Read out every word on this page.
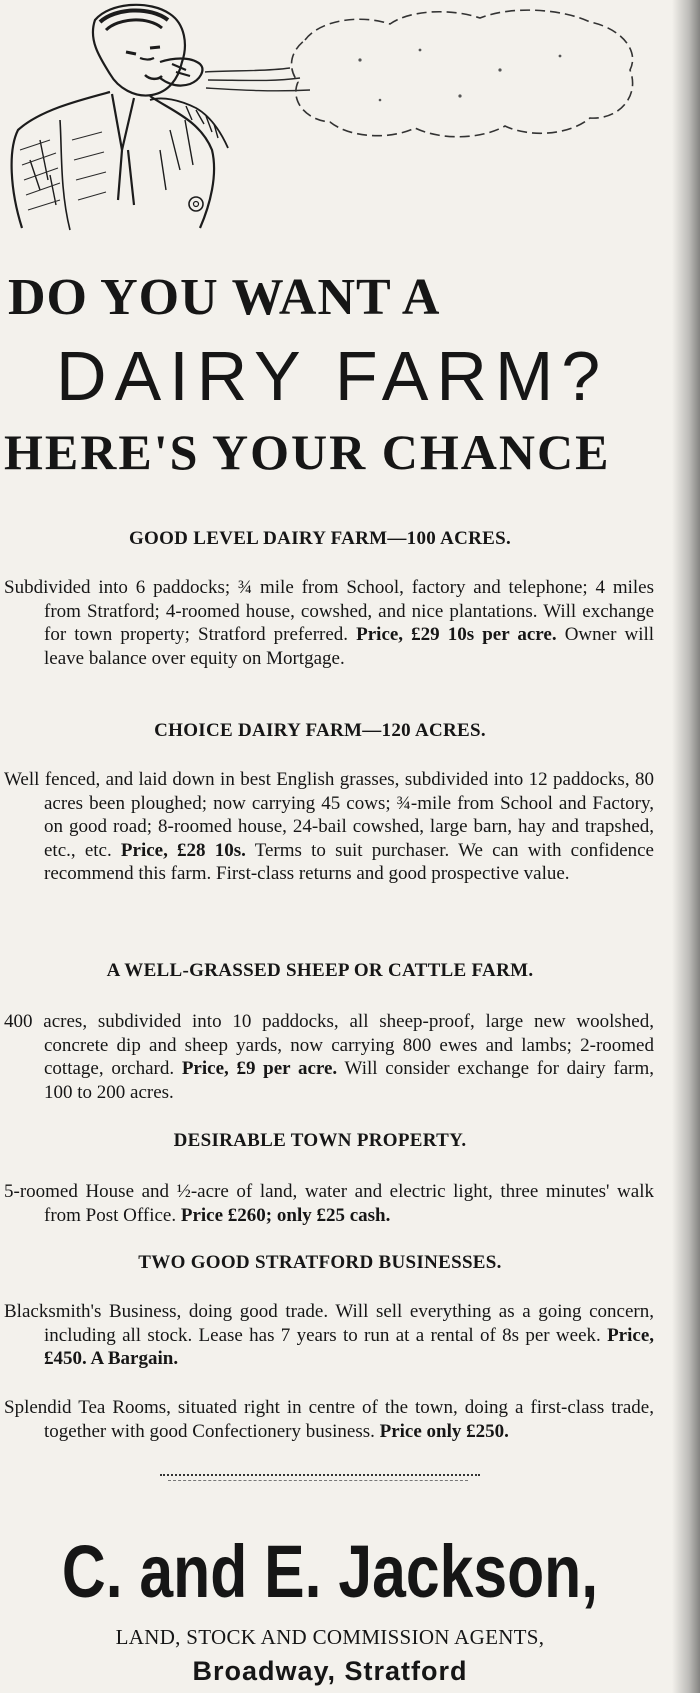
DO YOU WANT A
DAIRY FARM?
HERE'S YOUR CHANCE
GOOD LEVEL DAIRY FARM—100 ACRES.
Subdivided into 6 paddocks; ¾ mile from School, factory and telephone; 4 miles from Stratford; 4-roomed house, cowshed, and nice plantations. Will exchange for town property; Stratford preferred. Price, £29 10s per acre. Owner will leave balance over equity on Mortgage.
CHOICE DAIRY FARM—120 ACRES.
Well fenced, and laid down in best English grasses, subdivided into 12 paddocks, 80 acres been ploughed; now carrying 45 cows; ¾-mile from School and Factory, on good road; 8-roomed house, 24-bail cowshed, large barn, hay and trapshed, etc., etc. Price, £28 10s. Terms to suit purchaser. We can with confidence recommend this farm. First-class returns and good prospective value.
A WELL-GRASSED SHEEP OR CATTLE FARM.
400 acres, subdivided into 10 paddocks, all sheep-proof, large new woolshed, concrete dip and sheep yards, now carrying 800 ewes and lambs; 2-roomed cottage, orchard. Price, £9 per acre. Will consider exchange for dairy farm, 100 to 200 acres.
DESIRABLE TOWN PROPERTY.
5-roomed House and ½-acre of land, water and electric light, three minutes' walk from Post Office. Price £260; only £25 cash.
TWO GOOD STRATFORD BUSINESSES.
Blacksmith's Business, doing good trade. Will sell everything as a going concern, including all stock. Lease has 7 years to run at a rental of 8s per week. Price, £450. A Bargain.
Splendid Tea Rooms, situated right in centre of the town, doing a first-class trade, together with good Confectionery business. Price only £250.
C. and E. Jackson,
LAND, STOCK AND COMMISSION AGENTS,
Broadway, Stratford
